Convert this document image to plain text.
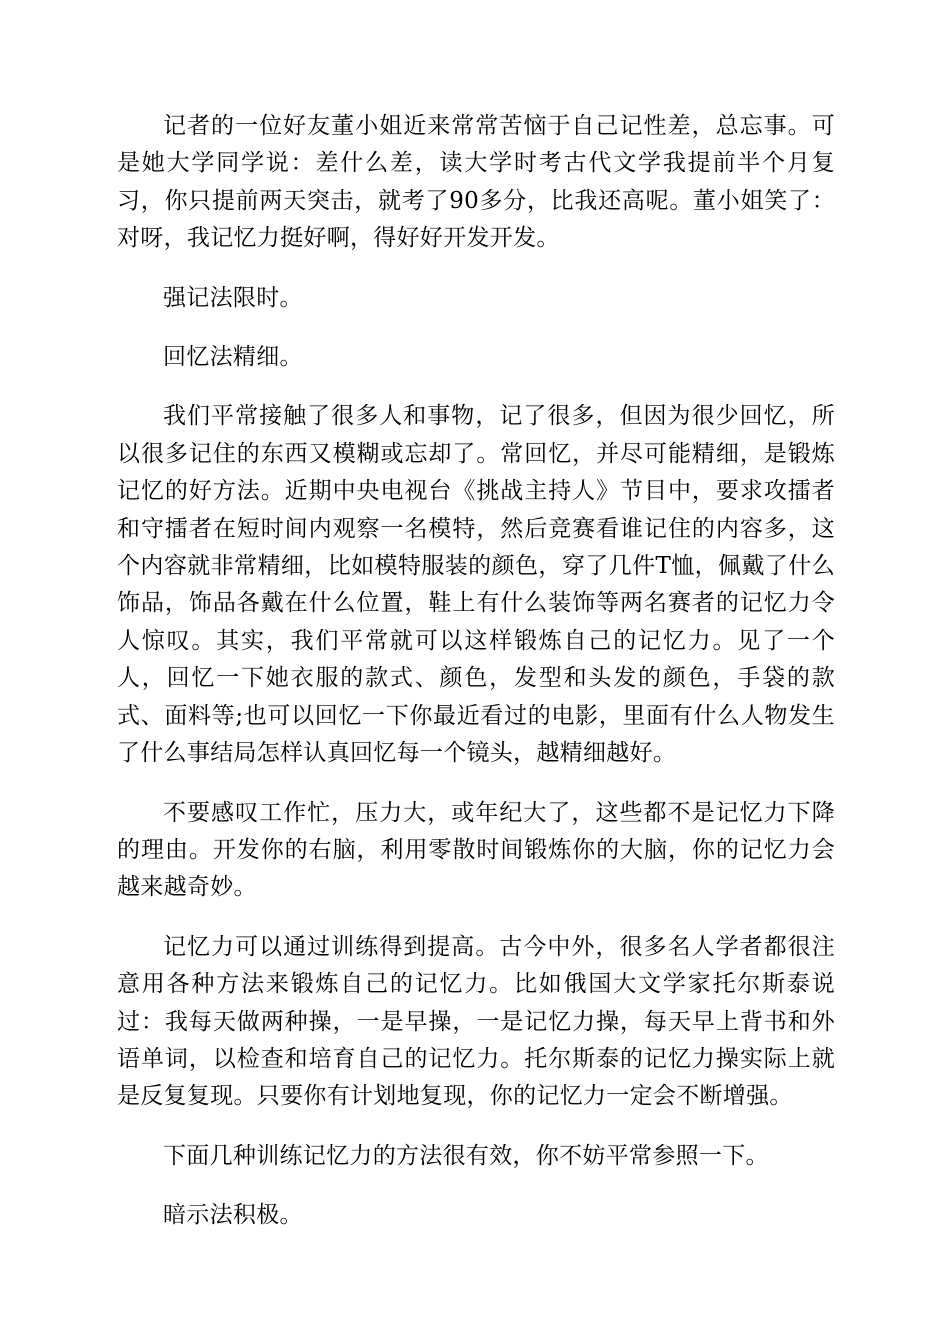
记者的一位好友董小姐近来常常苦恼于自己记性差，总忘事。可是她大学同学说：差什么差，读大学时考古代文学我提前半个月复习，你只提前两天突击，就考了90多分，比我还高呢。董小姐笑了：对呀，我记忆力挺好啊，得好好开发开发。

强记法限时。

回忆法精细。

我们平常接触了很多人和事物，记了很多，但因为很少回忆，所以很多记住的东西又模糊或忘却了。常回忆，并尽可能精细，是锻炼记忆的好方法。近期中央电视台《挑战主持人》节目中，要求攻擂者和守擂者在短时间内观察一名模特，然后竞赛看谁记住的内容多，这个内容就非常精细，比如模特服装的颜色，穿了几件T恤，佩戴了什么饰品，饰品各戴在什么位置，鞋上有什么装饰等两名赛者的记忆力令人惊叹。其实，我们平常就可以这样锻炼自己的记忆力。见了一个人，回忆一下她衣服的款式、颜色，发型和头发的颜色，手袋的款式、面料等;也可以回忆一下你最近看过的电影，里面有什么人物发生了什么事结局怎样认真回忆每一个镜头，越精细越好。

不要感叹工作忙，压力大，或年纪大了，这些都不是记忆力下降的理由。开发你的右脑，利用零散时间锻炼你的大脑，你的记忆力会越来越奇妙。

记忆力可以通过训练得到提高。古今中外，很多名人学者都很注意用各种方法来锻炼自己的记忆力。比如俄国大文学家托尔斯泰说过：我每天做两种操，一是早操，一是记忆力操，每天早上背书和外语单词，以检查和培育自己的记忆力。托尔斯泰的记忆力操实际上就是反复复现。只要你有计划地复现，你的记忆力一定会不断增强。

下面几种训练记忆力的方法很有效，你不妨平常参照一下。

暗示法积极。
